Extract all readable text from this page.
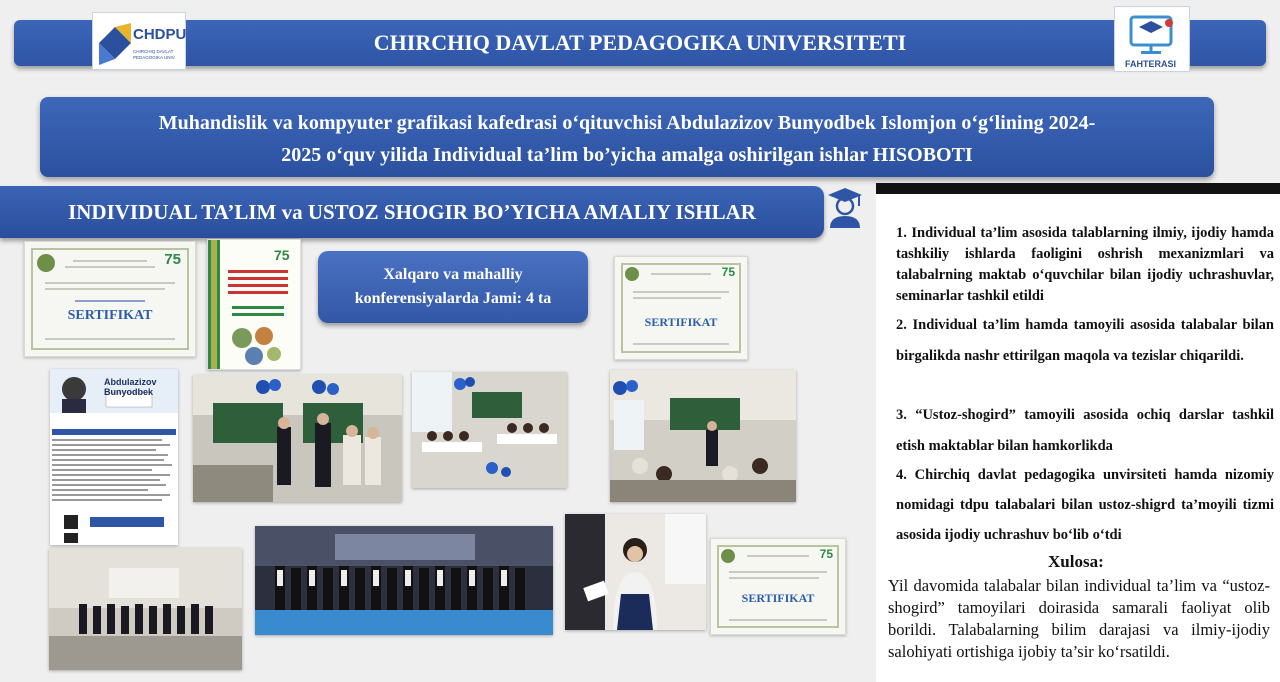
CHIRCHIQ DAVLAT PEDAGOGIKA UNIVERSITETI
CHDPU
CHIRCHIQ DAVLAT
PEDAGOGIKA UNIV.
FAHTERASI
Muhandislik va kompyuter grafikasi kafedrasi o‘qituvchisi Abdulazizov Bunyodbek Islomjon o‘g‘lining 2024-
2025 o‘quv yilida Individual ta’lim bo’yicha amalga oshirilgan ishlar HISOBOTI
INDIVIDUAL TA’LIM va USTOZ SHOGIR BO’YICHA AMALIY ISHLAR
Xalqaro va mahalliy
konferensiyalarda Jami: 4 ta
75
SERTIFIKAT
75
75
SERTIFIKAT
75
SERTIFIKAT
Abdulazizov Bunyodbek
1. Individual ta’lim asosida talablarning ilmiy, ijodiy hamda tashkiliy ishlarda faoligini oshrish mexanizmlari va talabalrning maktab o‘quvchilar bilan ijodiy uchrashuvlar, seminarlar tashkil etildi
2. Individual ta’lim hamda tamoyili asosida talabalar bilan birgalikda nashr ettirilgan maqola va tezislar chiqarildi.
3. “Ustoz-shogird” tamoyili asosida ochiq darslar tashkil etish maktablar bilan hamkorlikda
4. Chirchiq davlat pedagogika unvirsiteti hamda nizomiy nomidagi tdpu talabalari bilan ustoz-shigrd ta’moyili tizmi asosida ijodiy uchrashuv bo‘lib o‘tdi
Xulosa:
Yil davomida talabalar bilan individual ta’lim va “ustoz-shogird” tamoyilari doirasida samarali faoliyat olib borildi. Talabalarning bilim darajasi va ilmiy-ijodiy salohiyati ortishiga ijobiy ta’sir ko‘rsatildi.
